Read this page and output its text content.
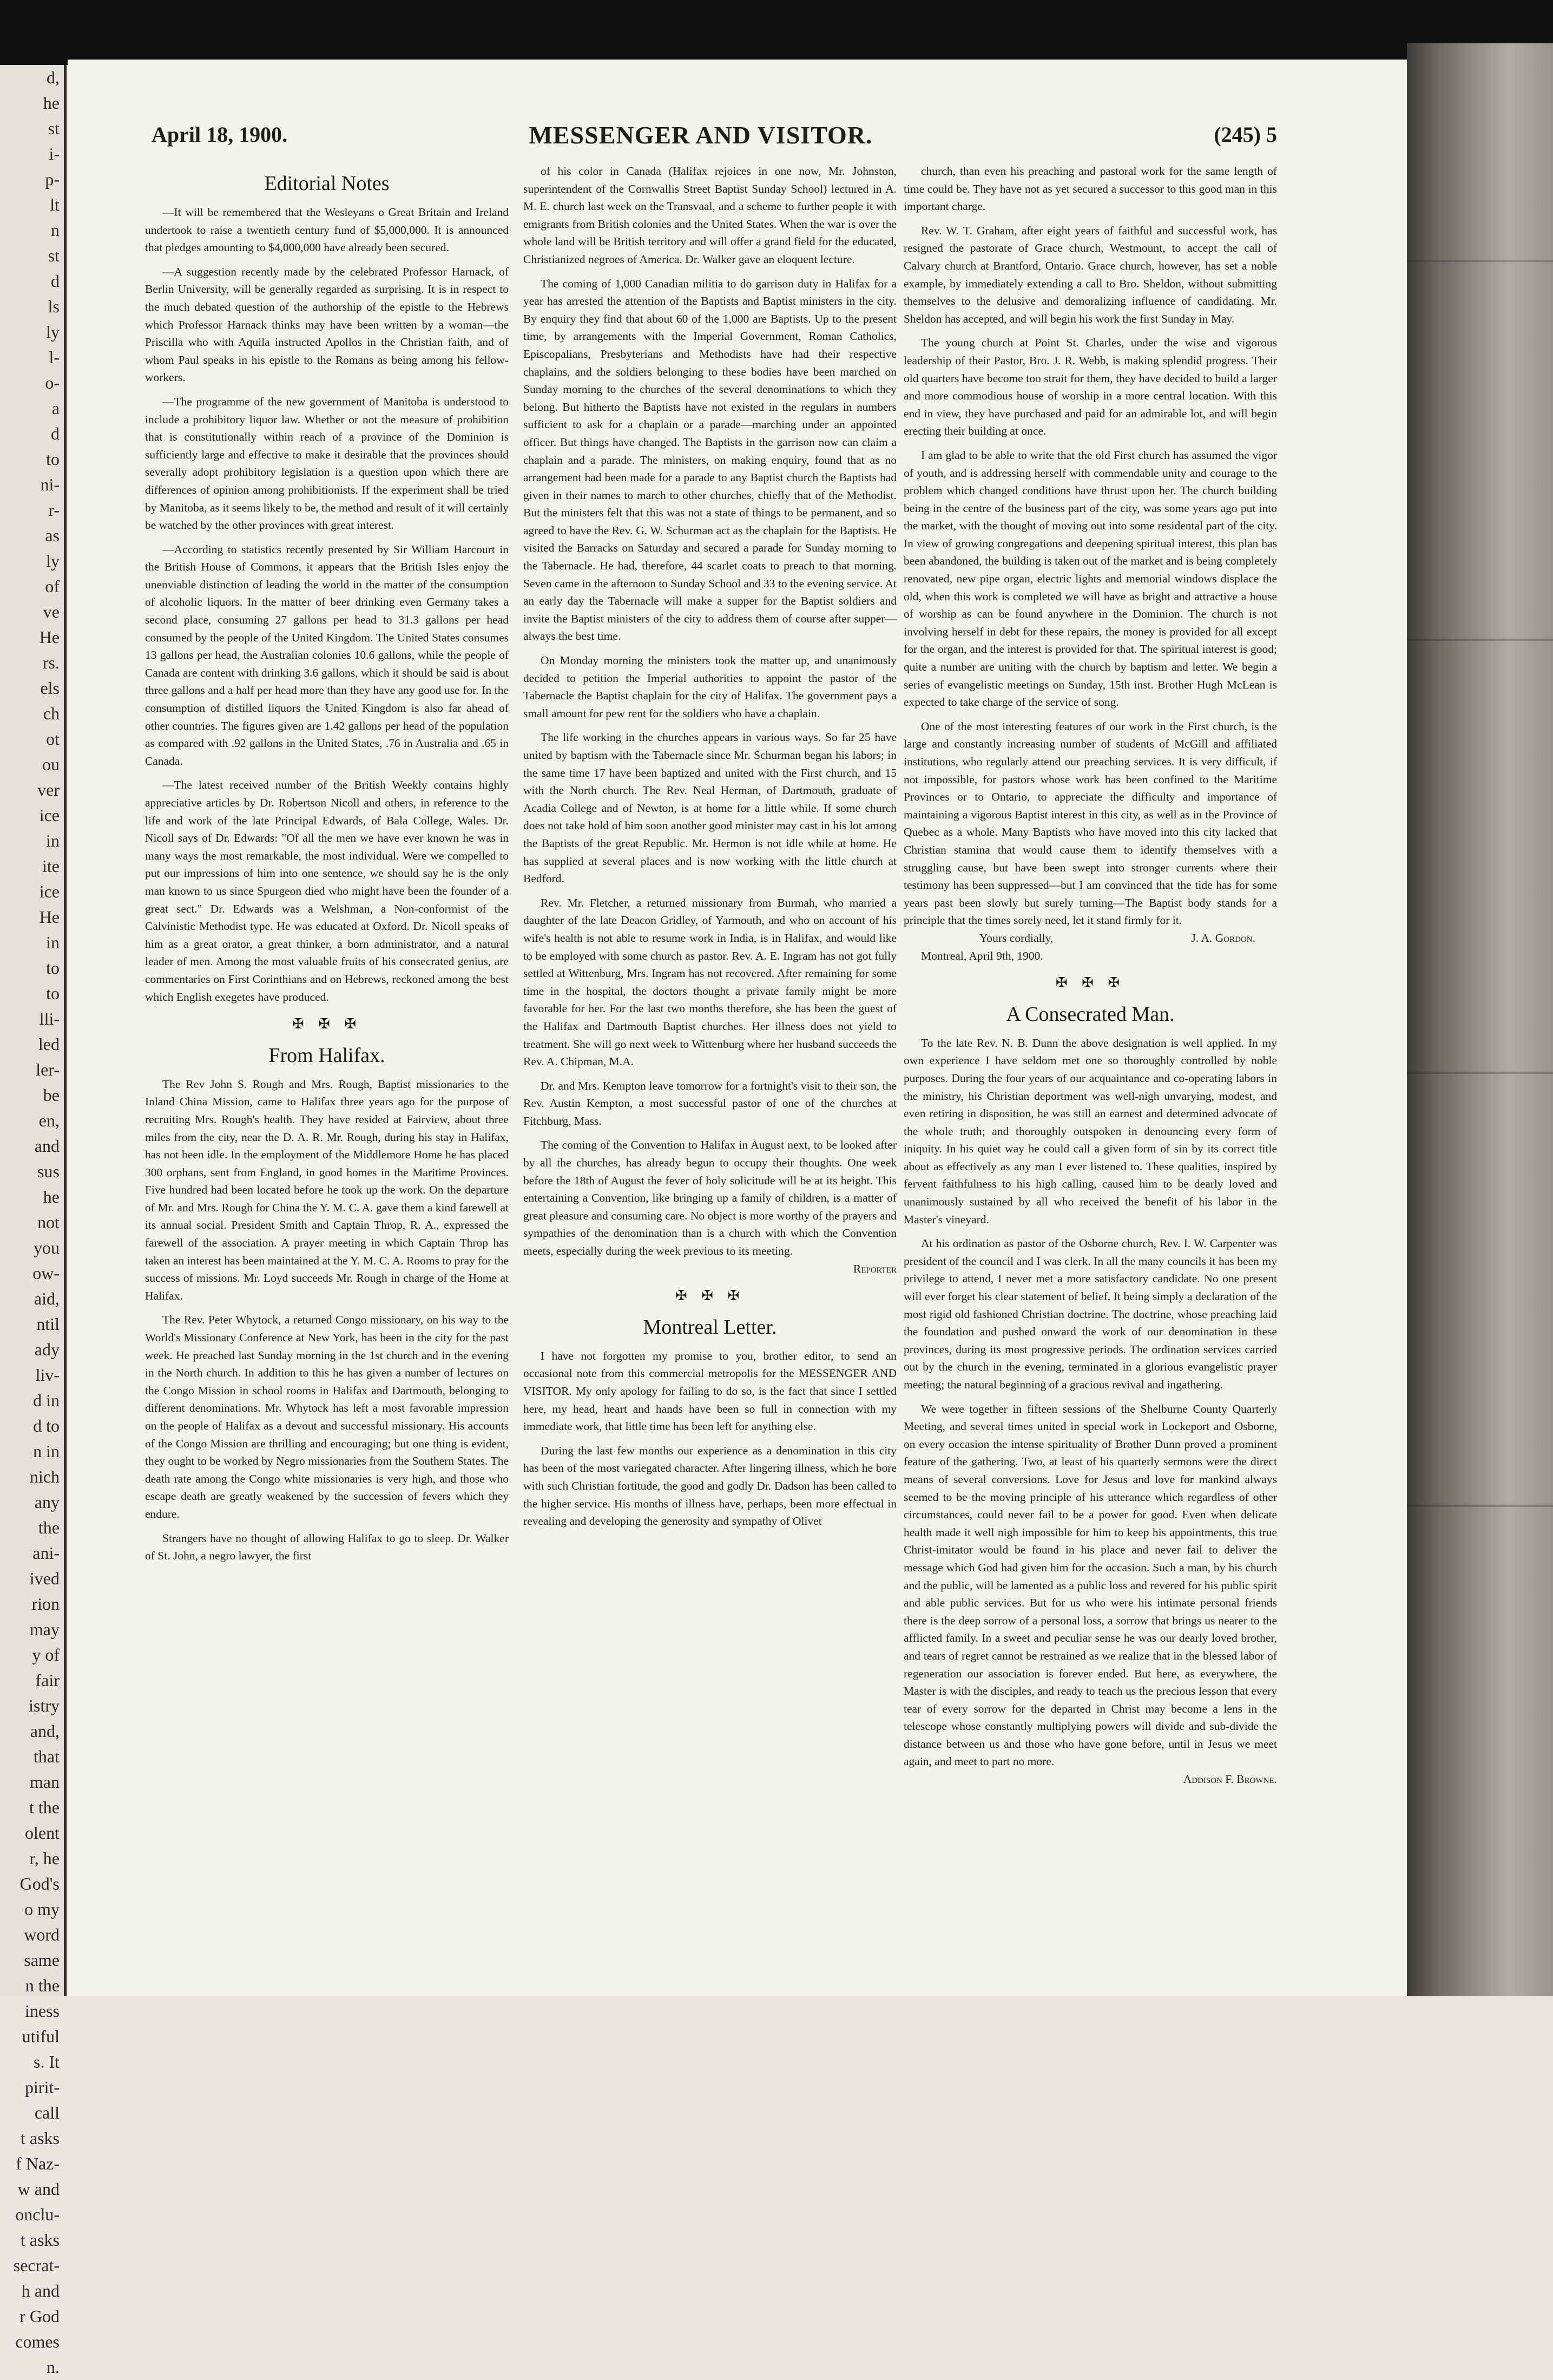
d,
he
st
i-
p-
lt
n
st
d
ls
ly
l-
o-
a
d
to
ni-
r-
as
ly
of
ve
He
rs.
els
ch
ot
ou
ver
ice
in
ite
ice
He
in
to
to
lli-
led
ler-
be
en,
and
sus
he
not
you
ow-
aid,
ntil
ady
liv-
d in
d to
n in
nich
any
the
ani-
ived
rion
may
y of
fair
istry
and,
that
man
t the
olent
r, he
God's
o my
word
same
n the
iness
utiful
s. It
pirit-
call
t asks
f Naz-
w and
onclu-
t asks
secrat-
h and
r God
comes
n.
April 18, 1900.	MESSENGER AND VISITOR.	(245) 5
Editorial Notes

—It will be remembered that the Wesleyans o Great Britain and Ireland undertook to raise a twentieth century fund of $5,000,000. It is announced that pledges amounting to $4,000,000 have already been secured.

—A suggestion recently made by the celebrated Professor Harnack, of Berlin University, will be generally regarded as surprising. It is in respect to the much debated question of the authorship of the epistle to the Hebrews which Professor Harnack thinks may have been written by a woman—the Priscilla who with Aquila instructed Apollos in the Christian faith, and of whom Paul speaks in his epistle to the Romans as being among his fellow-workers.

—The programme of the new government of Manitoba is understood to include a prohibitory liquor law. Whether or not the measure of prohibition that is constitutionally within reach of a province of the Dominion is sufficiently large and effective to make it desirable that the provinces should severally adopt prohibitory legislation is a question upon which there are differences of opinion among prohibitionists. If the experiment shall be tried by Manitoba, as it seems likely to be, the method and result of it will certainly be watched by the other provinces with great interest.

—According to statistics recently presented by Sir William Harcourt in the British House of Commons, it appears that the British Isles enjoy the unenviable distinction of leading the world in the matter of the consumption of alcoholic liquors. In the matter of beer drinking even Germany takes a second place, consuming 27 gallons per head to 31.3 gallons per head consumed by the people of the United Kingdom. The United States consumes 13 gallons per head, the Australian colonies 10.6 gallons, while the people of Canada are content with drinking 3.6 gallons, which it should be said is about three gallons and a half per head more than they have any good use for. In the consumption of distilled liquors the United Kingdom is also far ahead of other countries. The figures given are 1.42 gallons per head of the population as compared with .92 gallons in the United States, .76 in Australia and .65 in Canada.

—The latest received number of the British Weekly contains highly appreciative articles by Dr. Robertson Nicoll and others, in reference to the life and work of the late Principal Edwards, of Bala College, Wales. Dr. Nicoll says of Dr. Edwards: "Of all the men we have ever known he was in many ways the most remarkable, the most individual. Were we compelled to put our impressions of him into one sentence, we should say he is the only man known to us since Spurgeon died who might have been the founder of a great sect." Dr. Edwards was a Welshman, a Non-conformist of the Calvinistic Methodist type. He was educated at Oxford. Dr. Nicoll speaks of him as a great orator, a great thinker, a born administrator, and a natural leader of men. Among the most valuable fruits of his consecrated genius, are commentaries on First Corinthians and on Hebrews, reckoned among the best which English exegetes have produced.

✠ ✠ ✠
From Halifax.

The Rev John S. Rough and Mrs. Rough, Baptist missionaries to the Inland China Mission, came to Halifax three years ago for the purpose of recruiting Mrs. Rough's health. They have resided at Fairview, about three miles from the city, near the D. A. R. Mr. Rough, during his stay in Halifax, has not been idle. In the employment of the Middlemore Home he has placed 300 orphans, sent from England, in good homes in the Maritime Provinces. Five hundred had been located before he took up the work. On the departure of Mr. and Mrs. Rough for China the Y. M. C. A. gave them a kind farewell at its annual social. President Smith and Captain Throp, R. A., expressed the farewell of the association. A prayer meeting in which Captain Throp has taken an interest has been maintained at the Y. M. C. A. Rooms to pray for the success of missions. Mr. Loyd succeeds Mr. Rough in charge of the Home at Halifax.

The Rev. Peter Whytock, a returned Congo missionary, on his way to the World's Missionary Conference at New York, has been in the city for the past week. He preached last Sunday morning in the 1st church and in the evening in the North church. In addition to this he has given a number of lectures on the Congo Mission in school rooms in Halifax and Dartmouth, belonging to different denominations. Mr. Whytock has left a most favorable impression on the people of Halifax as a devout and successful missionary. His accounts of the Congo Mission are thrilling and encouraging; but one thing is evident, they ought to be worked by Negro missionaries from the Southern States. The death rate among the Congo white missionaries is very high, and those who escape death are greatly weakened by the succession of fevers which they endure.

Strangers have no thought of allowing Halifax to go to sleep. Dr. Walker of St. John, a negro lawyer, the first

of his color in Canada (Halifax rejoices in one now, Mr. Johnston, superintendent of the Cornwallis Street Baptist Sunday School) lectured in A. M. E. church last week on the Transvaal, and a scheme to further people it with emigrants from British colonies and the United States. When the war is over the whole land will be British territory and will offer a grand field for the educated, Christianized negroes of America. Dr. Walker gave an eloquent lecture.

The coming of 1,000 Canadian militia to do garrison duty in Halifax for a year has arrested the attention of the Baptists and Baptist ministers in the city. By enquiry they find that about 60 of the 1,000 are Baptists. Up to the present time, by arrangements with the Imperial Government, Roman Catholics, Episcopalians, Presbyterians and Methodists have had their respective chaplains, and the soldiers belonging to these bodies have been marched on Sunday morning to the churches of the several denominations to which they belong. But hitherto the Baptists have not existed in the regulars in numbers sufficient to ask for a chaplain or a parade—marching under an appointed officer. But things have changed. The Baptists in the garrison now can claim a chaplain and a parade. The ministers, on making enquiry, found that as no arrangement had been made for a parade to any Baptist church the Baptists had given in their names to march to other churches, chiefly that of the Methodist. But the ministers felt that this was not a state of things to be permanent, and so agreed to have the Rev. G. W. Schurman act as the chaplain for the Baptists. He visited the Barracks on Saturday and secured a parade for Sunday morning to the Tabernacle. He had, therefore, 44 scarlet coats to preach to that morning. Seven came in the afternoon to Sunday School and 33 to the evening service. At an early day the Tabernacle will make a supper for the Baptist soldiers and invite the Baptist ministers of the city to address them of course after supper—always the best time.

On Monday morning the ministers took the matter up, and unanimously decided to petition the Imperial authorities to appoint the pastor of the Tabernacle the Baptist chaplain for the city of Halifax. The government pays a small amount for pew rent for the soldiers who have a chaplain.

The life working in the churches appears in various ways. So far 25 have united by baptism with the Tabernacle since Mr. Schurman began his labors; in the same time 17 have been baptized and united with the First church, and 15 with the North church. The Rev. Neal Herman, of Dartmouth, graduate of Acadia College and of Newton, is at home for a little while. If some church does not take hold of him soon another good minister may cast in his lot among the Baptists of the great Republic. Mr. Hermon is not idle while at home. He has supplied at several places and is now working with the little church at Bedford.

Rev. Mr. Fletcher, a returned missionary from Burmah, who married a daughter of the late Deacon Gridley, of Yarmouth, and who on account of his wife's health is not able to resume work in India, is in Halifax, and would like to be employed with some church as pastor. Rev. A. E. Ingram has not got fully settled at Wittenburg, Mrs. Ingram has not recovered. After remaining for some time in the hospital, the doctors thought a private family might be more favorable for her. For the last two months therefore, she has been the guest of the Halifax and Dartmouth Baptist churches. Her illness does not yield to treatment. She will go next week to Wittenburg where her husband succeeds the Rev. A. Chipman, M.A.

Dr. and Mrs. Kempton leave tomorrow for a fortnight's visit to their son, the Rev. Austin Kempton, a most successful pastor of one of the churches at Fitchburg, Mass.

The coming of the Convention to Halifax in August next, to be looked after by all the churches, has already begun to occupy their thoughts. One week before the 18th of August the fever of holy solicitude will be at its height. This entertaining a Convention, like bringing up a family of children, is a matter of great pleasure and consuming care. No object is more worthy of the prayers and sympathies of the denomination than is a church with which the Convention meets, especially during the week previous to its meeting.

Reporter
✠ ✠ ✠
Montreal Letter.

I have not forgotten my promise to you, brother editor, to send an occasional note from this commercial metropolis for the MESSENGER AND VISITOR. My only apology for failing to do so, is the fact that since I settled here, my head, heart and hands have been so full in connection with my immediate work, that little time has been left for anything else.

During the last few months our experience as a denomination in this city has been of the most variegated character. After lingering illness, which he bore with such Christian fortitude, the good and godly Dr. Dadson has been called to the higher service. His months of illness have, perhaps, been more effectual in revealing and developing the generosity and sympathy of Olivet

church, than even his preaching and pastoral work for the same length of time could be. They have not as yet secured a successor to this good man in this important charge.

Rev. W. T. Graham, after eight years of faithful and successful work, has resigned the pastorate of Grace church, Westmount, to accept the call of Calvary church at Brantford, Ontario. Grace church, however, has set a noble example, by immediately extending a call to Bro. Sheldon, without submitting themselves to the delusive and demoralizing influence of candidating. Mr. Sheldon has accepted, and will begin his work the first Sunday in May.

The young church at Point St. Charles, under the wise and vigorous leadership of their Pastor, Bro. J. R. Webb, is making splendid progress. Their old quarters have become too strait for them, they have decided to build a larger and more commodious house of worship in a more central location. With this end in view, they have purchased and paid for an admirable lot, and will begin erecting their building at once.

I am glad to be able to write that the old First church has assumed the vigor of youth, and is addressing herself with commendable unity and courage to the problem which changed conditions have thrust upon her. The church building being in the centre of the business part of the city, was some years ago put into the market, with the thought of moving out into some residental part of the city. In view of growing congregations and deepening spiritual interest, this plan has been abandoned, the building is taken out of the market and is being completely renovated, new pipe organ, electric lights and memorial windows displace the old, when this work is completed we will have as bright and attractive a house of worship as can be found anywhere in the Dominion. The church is not involving herself in debt for these repairs, the money is provided for all except for the organ, and the interest is provided for that. The spiritual interest is good; quite a number are uniting with the church by baptism and letter. We begin a series of evangelistic meetings on Sunday, 15th inst. Brother Hugh McLean is expected to take charge of the service of song.

One of the most interesting features of our work in the First church, is the large and constantly increasing number of students of McGill and affiliated institutions, who regularly attend our preaching services. It is very difficult, if not impossible, for pastors whose work has been confined to the Maritime Provinces or to Ontario, to appreciate the difficulty and importance of maintaining a vigorous Baptist interest in this city, as well as in the Province of Quebec as a whole. Many Baptists who have moved into this city lacked that Christian stamina that would cause them to identify themselves with a struggling cause, but have been swept into stronger currents where their testimony has been suppressed—but I am convinced that the tide has for some years past been slowly but surely turning—The Baptist body stands for a principle that the times sorely need, let it stand firmly for it.

Yours cordially,	J. A. Gordon.
Montreal, April 9th, 1900.
✠ ✠ ✠
A Consecrated Man.

To the late Rev. N. B. Dunn the above designation is well applied. In my own experience I have seldom met one so thoroughly controlled by noble purposes. During the four years of our acquaintance and co-operating labors in the ministry, his Christian deportment was well-nigh unvarying, modest, and even retiring in disposition, he was still an earnest and determined advocate of the whole truth; and thoroughly outspoken in denouncing every form of iniquity. In his quiet way he could call a given form of sin by its correct title about as effectively as any man I ever listened to. These qualities, inspired by fervent faithfulness to his high calling, caused him to be dearly loved and unanimously sustained by all who received the benefit of his labor in the Master's vineyard.

At his ordination as pastor of the Osborne church, Rev. I. W. Carpenter was president of the council and I was clerk. In all the many councils it has been my privilege to attend, I never met a more satisfactory candidate. No one present will ever forget his clear statement of belief. It being simply a declaration of the most rigid old fashioned Christian doctrine. The doctrine, whose preaching laid the foundation and pushed onward the work of our denomination in these provinces, during its most progressive periods. The ordination services carried out by the church in the evening, terminated in a glorious evangelistic prayer meeting; the natural beginning of a gracious revival and ingathering.

We were together in fifteen sessions of the Shelburne County Quarterly Meeting, and several times united in special work in Lockeport and Osborne, on every occasion the intense spirituality of Brother Dunn proved a prominent feature of the gathering. Two, at least of his quarterly sermons were the direct means of several conversions. Love for Jesus and love for mankind always seemed to be the moving principle of his utterance which regardless of other circumstances, could never fail to be a power for good. Even when delicate health made it well nigh impossible for him to keep his appointments, this true Christ-imitator would be found in his place and never fail to deliver the message which God had given him for the occasion. Such a man, by his church and the public, will be lamented as a public loss and revered for his public spirit and able public services. But for us who were his intimate personal friends there is the deep sorrow of a personal loss, a sorrow that brings us nearer to the afflicted family. In a sweet and peculiar sense he was our dearly loved brother, and tears of regret cannot be restrained as we realize that in the blessed labor of regeneration our association is forever ended. But here, as everywhere, the Master is with the disciples, and ready to teach us the precious lesson that every tear of every sorrow for the departed in Christ may become a lens in the telescope whose constantly multiplying powers will divide and sub-divide the distance between us and those who have gone before, until in Jesus we meet again, and meet to part no more.

Addison F. Browne.
